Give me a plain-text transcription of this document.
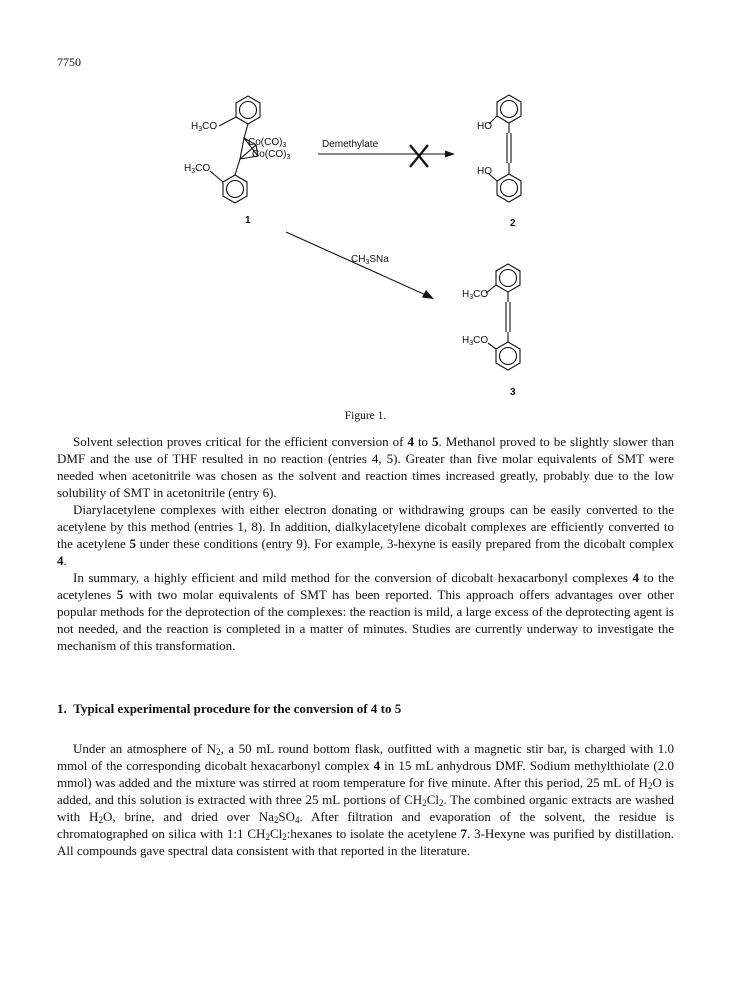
7750
$H_3CO$
$Co(CO)_3$
$Co(CO)_3$
$H_3CO$
1
HO
HO
2
$H_3CO$
$H_3CO$
3
Demethylate
$CH_3SNa$
Figure 1.

Solvent selection proves critical for the efficient conversion of 4 to 5. Methanol proved to be slightly slower than DMF and the use of THF resulted in no reaction (entries 4, 5). Greater than five molar equivalents of SMT were needed when acetonitrile was chosen as the solvent and reaction times increased greatly, probably due to the low solubility of SMT in acetonitrile (entry 6).

Diarylacetylene complexes with either electron donating or withdrawing groups can be easily converted to the acetylene by this method (entries 1, 8). In addition, dialkylacetylene dicobalt complexes are efficiently converted to the acetylene 5 under these conditions (entry 9). For example, 3-hexyne is easily prepared from the dicobalt complex 4.

In summary, a highly efficient and mild method for the conversion of dicobalt hexacarbonyl complexes 4 to the acetylenes 5 with two molar equivalents of SMT has been reported. This approach offers advantages over other popular methods for the deprotection of the complexes: the reaction is mild, a large excess of the deprotecting agent is not needed, and the reaction is completed in a matter of minutes. Studies are currently underway to investigate the mechanism of this transformation.

1. Typical experimental procedure for the conversion of 4 to 5

Under an atmosphere of $N_2$, a 50 mL round bottom flask, outfitted with a magnetic stir bar, is charged with 1.0 mmol of the corresponding dicobalt hexacarbonyl complex 4 in 15 mL anhydrous DMF. Sodium methylthiolate (2.0 mmol) was added and the mixture was stirred at room temperature for five minute. After this period, 25 mL of $H_2O$ is added, and this solution is extracted with three 25 mL portions of $CH_2Cl_2$. The combined organic extracts are washed with $H_2O$, brine, and dried over $Na_2SO_4$. After filtration and evaporation of the solvent, the residue is chromatographed on silica with 1:1 $CH_2Cl_2:hexanes$ to isolate the acetylene 7. 3-Hexyne was purified by distillation. All compounds gave spectral data consistent with that reported in the literature.
